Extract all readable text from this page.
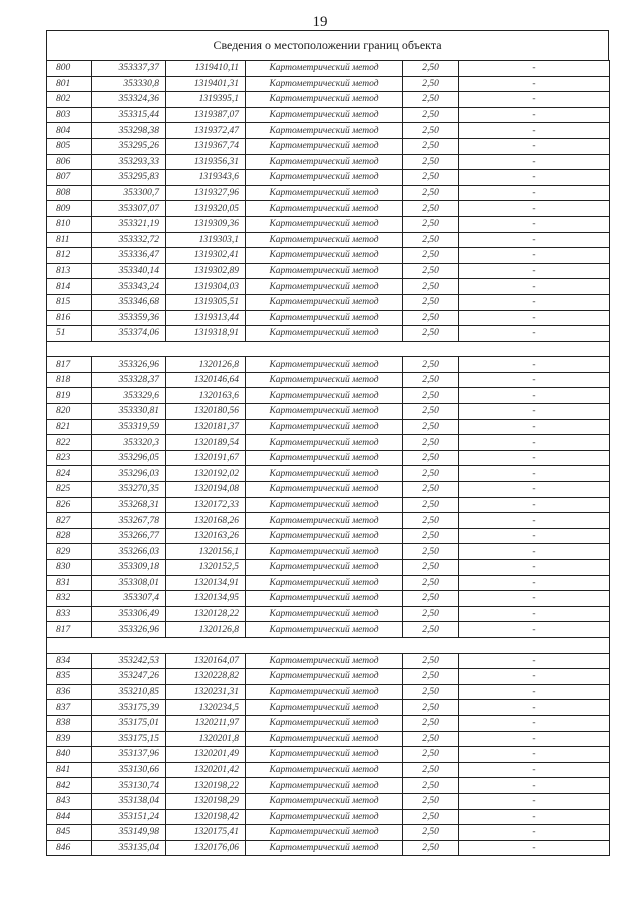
19
Сведения о местоположении границ объекта
800	353337,37	1319410,11	Картометрический метод	2,50	-
801	353330,8	1319401,31	Картометрический метод	2,50	-
802	353324,36	1319395,1	Картометрический метод	2,50	-
803	353315,44	1319387,07	Картометрический метод	2,50	-
804	353298,38	1319372,47	Картометрический метод	2,50	-
805	353295,26	1319367,74	Картометрический метод	2,50	-
806	353293,33	1319356,31	Картометрический метод	2,50	-
807	353295,83	1319343,6	Картометрический метод	2,50	-
808	353300,7	1319327,96	Картометрический метод	2,50	-
809	353307,07	1319320,05	Картометрический метод	2,50	-
810	353321,19	1319309,36	Картометрический метод	2,50	-
811	353332,72	1319303,1	Картометрический метод	2,50	-
812	353336,47	1319302,41	Картометрический метод	2,50	-
813	353340,14	1319302,89	Картометрический метод	2,50	-
814	353343,24	1319304,03	Картометрический метод	2,50	-
815	353346,68	1319305,51	Картометрический метод	2,50	-
816	353359,36	1319313,44	Картометрический метод	2,50	-
51	353374,06	1319318,91	Картометрический метод	2,50	-

817	353326,96	1320126,8	Картометрический метод	2,50	-
818	353328,37	1320146,64	Картометрический метод	2,50	-
819	353329,6	1320163,6	Картометрический метод	2,50	-
820	353330,81	1320180,56	Картометрический метод	2,50	-
821	353319,59	1320181,37	Картометрический метод	2,50	-
822	353320,3	1320189,54	Картометрический метод	2,50	-
823	353296,05	1320191,67	Картометрический метод	2,50	-
824	353296,03	1320192,02	Картометрический метод	2,50	-
825	353270,35	1320194,08	Картометрический метод	2,50	-
826	353268,31	1320172,33	Картометрический метод	2,50	-
827	353267,78	1320168,26	Картометрический метод	2,50	-
828	353266,77	1320163,26	Картометрический метод	2,50	-
829	353266,03	1320156,1	Картометрический метод	2,50	-
830	353309,18	1320152,5	Картометрический метод	2,50	-
831	353308,01	1320134,91	Картометрический метод	2,50	-
832	353307,4	1320134,95	Картометрический метод	2,50	-
833	353306,49	1320128,22	Картометрический метод	2,50	-
817	353326,96	1320126,8	Картометрический метод	2,50	-

834	353242,53	1320164,07	Картометрический метод	2,50	-
835	353247,26	1320228,82	Картометрический метод	2,50	-
836	353210,85	1320231,31	Картометрический метод	2,50	-
837	353175,39	1320234,5	Картометрический метод	2,50	-
838	353175,01	1320211,97	Картометрический метод	2,50	-
839	353175,15	1320201,8	Картометрический метод	2,50	-
840	353137,96	1320201,49	Картометрический метод	2,50	-
841	353130,66	1320201,42	Картометрический метод	2,50	-
842	353130,74	1320198,22	Картометрический метод	2,50	-
843	353138,04	1320198,29	Картометрический метод	2,50	-
844	353151,24	1320198,42	Картометрический метод	2,50	-
845	353149,98	1320175,41	Картометрический метод	2,50	-
846	353135,04	1320176,06	Картометрический метод	2,50	-
